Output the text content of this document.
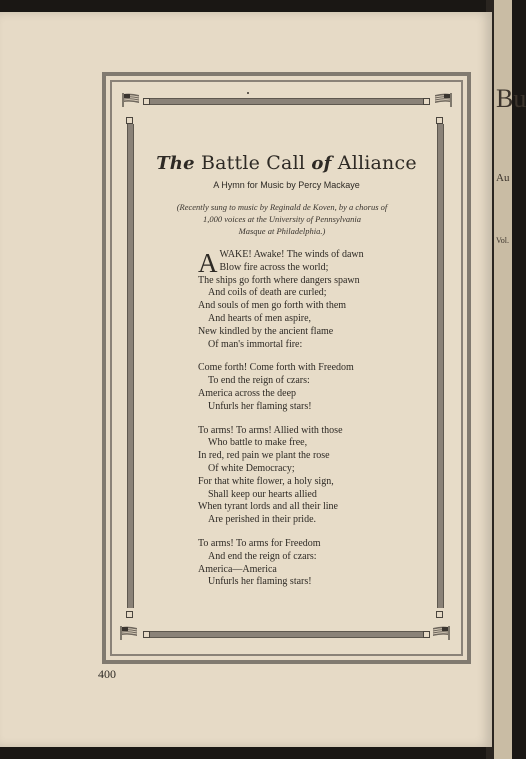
Bu
Au
Vol.
The Battle Call of Alliance
A Hymn for Music by Percy Mackaye
(Recently sung to music by Reginald de Koven, by a chorus of
1,000 voices at the University of Pennsylvania
Masque at Philadelphia.)
AWAKE! Awake! The winds of dawn
Blow fire across the world;
The ships go forth where dangers spawn
And coils of death are curled;
And souls of men go forth with them
And hearts of men aspire,
New kindled by the ancient flame
Of man's immortal fire:
Come forth! Come forth with Freedom
To end the reign of czars:
America across the deep
Unfurls her flaming stars!
To arms! To arms! Allied with those
Who battle to make free,
In red, red pain we plant the rose
Of white Democracy;
For that white flower, a holy sign,
Shall keep our hearts allied
When tyrant lords and all their line
Are perished in their pride.
To arms! To arms for Freedom
And end the reign of czars:
America—America
Unfurls her flaming stars!
400
